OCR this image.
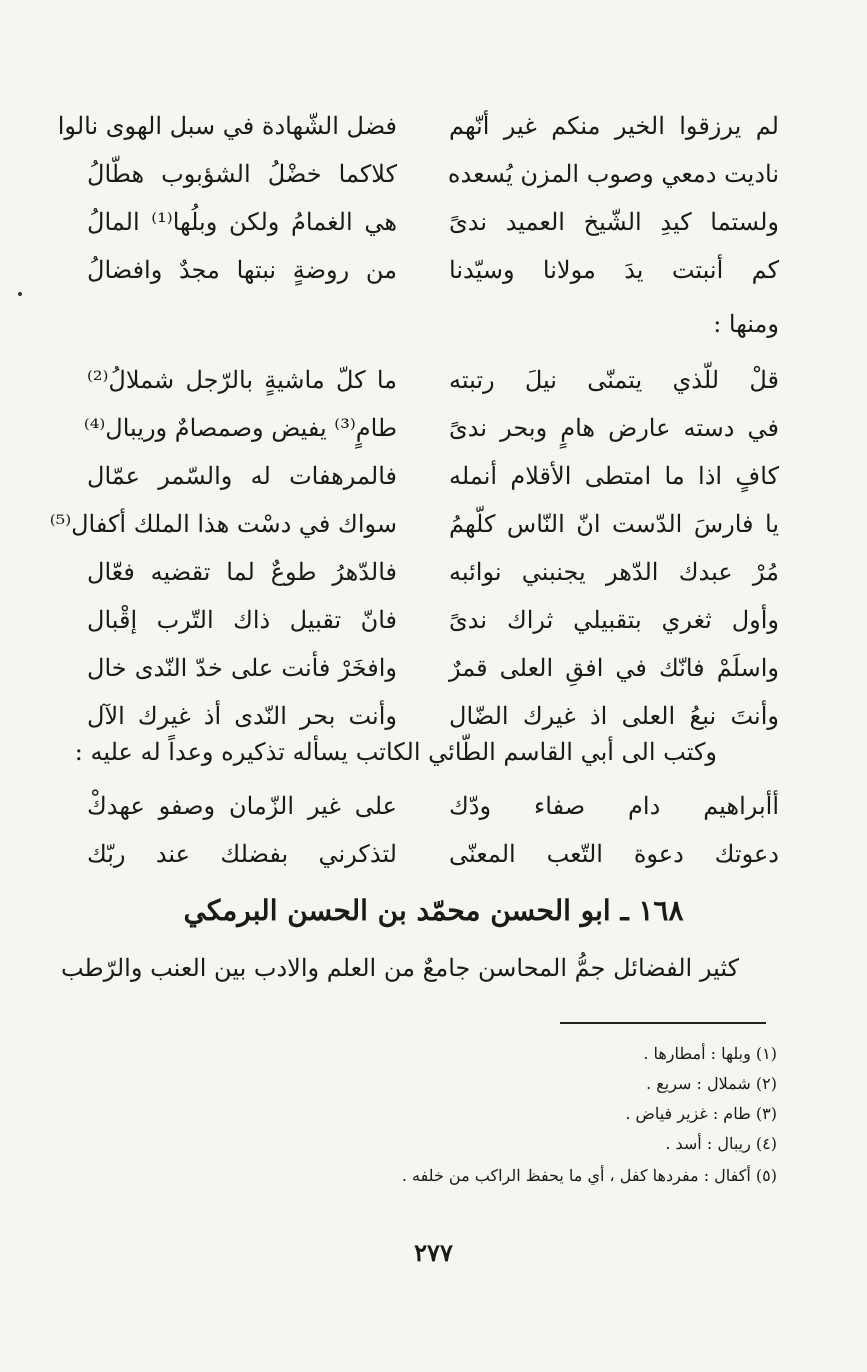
لم يرزقوا الخير منكم غير أنّهم
فضل الشّهادة في سبل الهوى نالوا
ناديت دمعي وصوب المزن يُسعده
كلاكما خضْلُ الشؤبوب هطّالُ
ولستما كيدِ الشّيخ العميد ندىً
هي الغمامُ ولكن وبلُها⁽¹⁾ المالُ
كم أنبتت يدَ مولانا وسيّدنا
من روضةٍ نبتها مجدٌ وافضالُ
ومنها :
قلْ للّذي يتمنّى نيلَ رتبته
ما كلّ ماشيةٍ بالرّجل شملالُ⁽²⁾
في دسته عارض هامٍ وبحر ندىً
طامٍ⁽³⁾ يفيض وصمصامٌ وريبال⁽⁴⁾
كافٍ اذا ما امتطى الأقلام أنمله
فالمرهفات له والسّمر عمّال
يا فارسَ الدّست انّ النّاس كلّهمُ
سواك في دسْت هذا الملك أكفال⁽⁵⁾
مُرْ عبدك الدّهر يجنبني نوائبه
فالدّهرُ طوعٌ لما تقضيه فعّال
وأول ثغري بتقبيلي ثراك ندىً
فانّ تقبيل ذاك التّرب إقْبال
واسلَمْ فانّك في افقِ العلى قمرٌ
وافخَرْ فأنت على خدّ النّدى خال
وأنتَ نبعُ العلى اذ غيرك الضّال
وأنت بحر النّدى أذ غيرك الآل
وكتب الى أبي القاسم الطّائي الكاتب يسأله تذكيره وعداً له عليه :
أأبراهيم دام صفاء ودّك
على غير الزّمان وصفو عهدكْ
دعوتك دعوة التّعب المعنّى
لتذكرني بفضلك عند ربّك
١٦٨ ـ ابو الحسن محمّد بن الحسن البرمكي
كثير الفضائل جمُّ المحاسن جامعٌ من العلم والادب بين العنب والرّطب
(١) وبلها : أمطارها .
(٢) شملال : سريع .
(٣) طام : غزير فياض .
(٤) ريبال : أسد .
(٥) أكفال : مفردها كفل ، أي ما يحفظ الراكب من خلفه .
٢٧٧
